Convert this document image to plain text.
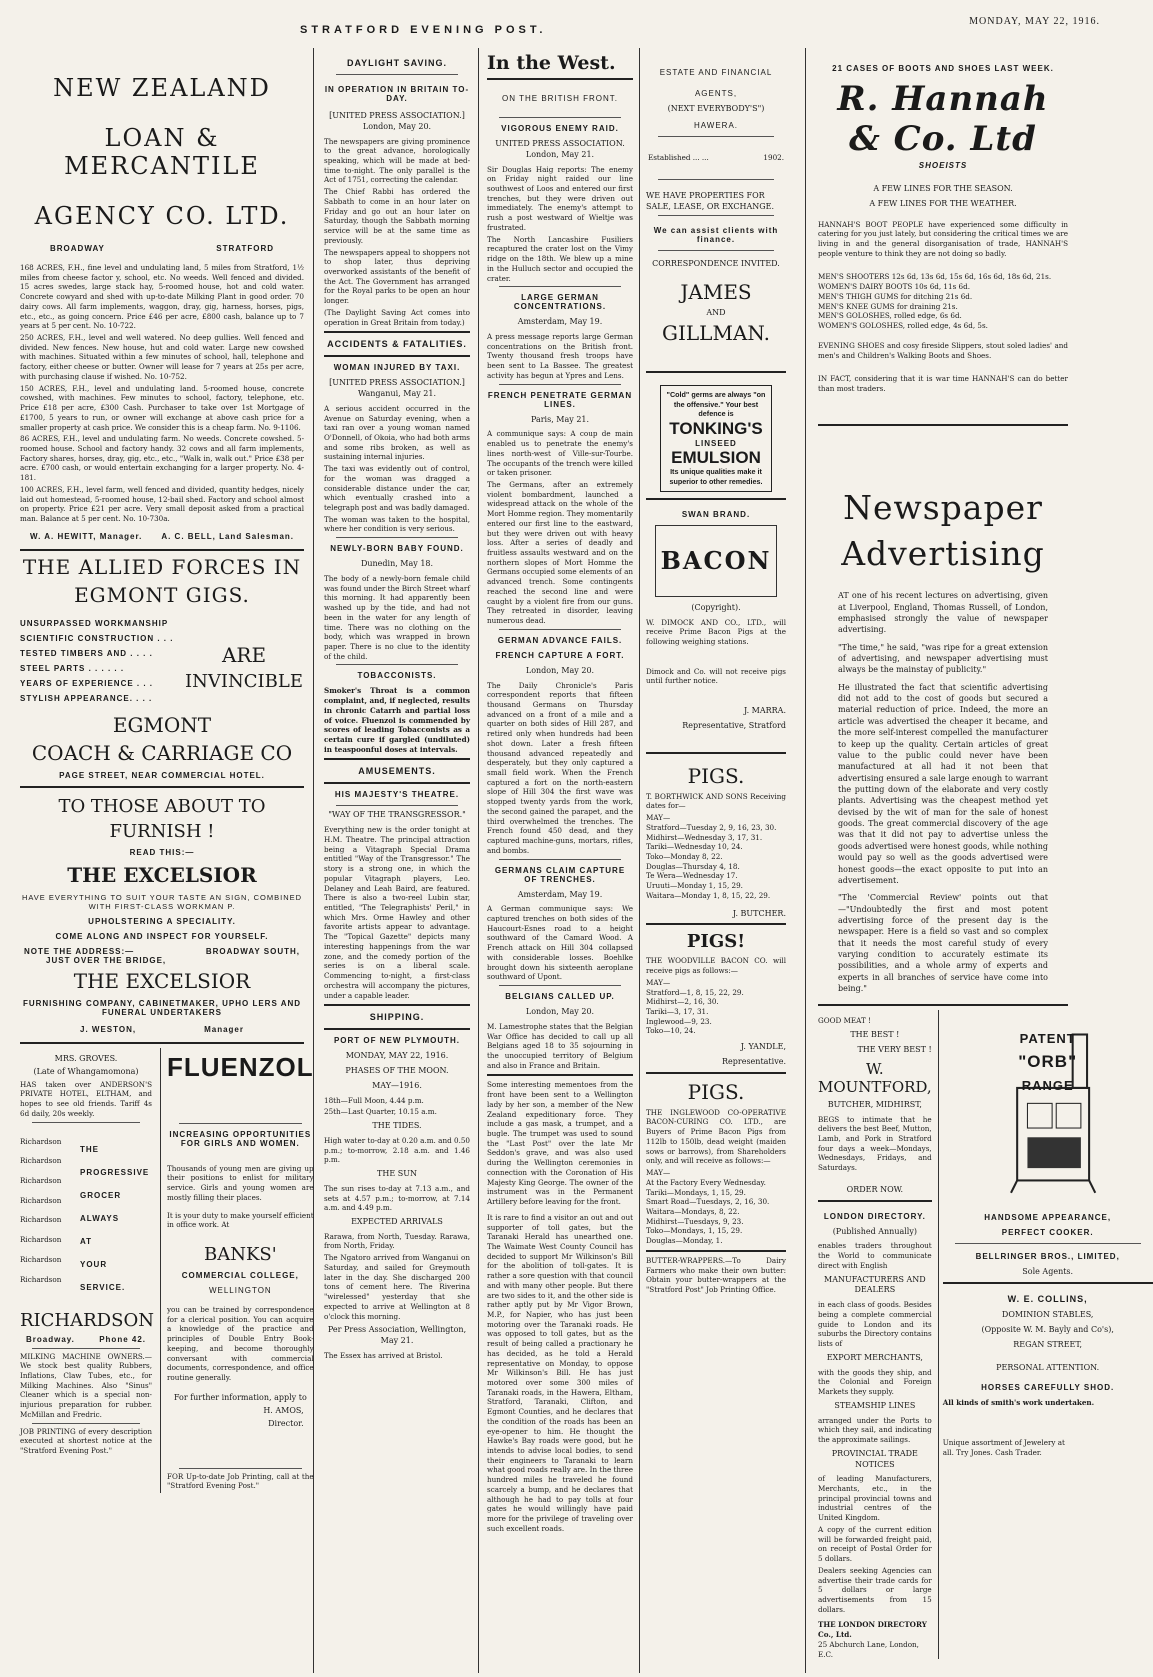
STRATFORD EVENING POST.
MONDAY, MAY 22, 1916.
NEW ZEALAND
LOAN & MERCANTILE
AGENCY CO. LTD.
BROADWAY	STRATFORD
168 ACRES, F.H., fine level and undulating land, 5 miles from Stratford, 1½ miles from cheese factor y, school, etc. No weeds. Well fenced and divided. 15 acres swedes, large stack hay, 5-roomed house, hot and cold water. Concrete cowyard and shed with up-to-date Milking Plant in good order. 70 dairy cows. All farm implements, waggon, dray, gig, harness, horses, pigs, etc., etc., as going concern. Price £46 per acre, £800 cash, balance up to 7 years at 5 per cent. No. 10-722.
250 ACRES, F.H., level and well watered. No deep gullies. Well fenced and divided. New fences. New house, hut and cold water. Large new cowshed with machines. Situated within a few minutes of school, hall, telephone and factory, either cheese or butter. Owner will lease for 7 years at 25s per acre, with purchasing clause if wished. No. 10-752.
150 ACRES, F.H., level and undulating land. 5-roomed house, concrete cowshed, with machines. Few minutes to school, factory, telephone, etc. Price £18 per acre, £300 Cash. Purchaser to take over 1st Mortgage of £1700, 5 years to run, or owner will exchange at above cash price for a smaller property at cash price. We consider this is a cheap farm. No. 9-1106.
86 ACRES, F.H., level and undulating farm. No weeds. Concrete cowshed. 5-roomed house. School and factory handy. 32 cows and all farm implements, Factory shares, horses, dray, gig, etc., etc., "Walk in, walk out." Price £38 per acre. £700 cash, or would entertain exchanging for a larger property. No. 4-181.
100 ACRES, F.H., level farm, well fenced and divided, quantity hedges, nicely laid out homestead, 5-roomed house, 12-bail shed. Factory and school almost on property. Price £21 per acre. Very small deposit asked from a practical man. Balance at 5 per cent. No. 10-730a.
W. A. HEWITT, Manager. A. C. BELL, Land Salesman.
THE ALLIED FORCES IN
EGMONT GIGS.
UNSURPASSED WORKMANSHIP
SCIENTIFIC CONSTRUCTION . . .
TESTED TIMBERS AND . . . .
STEEL PARTS . . . . . .
YEARS OF EXPERIENCE . . .
STYLISH APPEARANCE. . . .
ARE
INVINCIBLE
EGMONT
COACH & CARRIAGE CO
PAGE STREET, NEAR COMMERCIAL HOTEL.
TO THOSE ABOUT TO
FURNISH !
READ THIS:—
THE EXCELSIOR
HAVE EVERYTHING TO SUIT YOUR TASTE AN SIGN, COMBINED WITH FIRST-CLASS WORKMAN P.
UPHOLSTERING A SPECIALITY.
COME ALONG AND INSPECT FOR YOURSELF.
NOTE THE ADDRESS:—	BROADWAY SOUTH,
JUST OVER THE BRIDGE,
THE EXCELSIOR
FURNISHING COMPANY, CABINETMAKER, UPHO LERS AND FUNERAL UNDERTAKERS
J. WESTON,	Manager
MRS. GROVES.
(Late of Whangamomona)
HAS taken over ANDERSON'S PRIVATE HOTEL, ELTHAM, and hopes to see old friends. Tariff 4s 6d daily, 20s weekly.
Richardson
Richardson
Richardson
Richardson
Richardson
Richardson
Richardson
Richardson
THE
PROGRESSIVE
GROCER
ALWAYS
AT
YOUR
SERVICE.
RICHARDSON
Broadway.	Phone 42.
MILKING MACHINE OWNERS.— We stock best quality Rubbers, Inflations, Claw Tubes, etc., for Milking Machines. Also "Sinus" Cleaner which is a special non-injurious preparation for rubber. McMillan and Fredric.
JOB PRINTING of every description executed at shortest notice at the "Stratford Evening Post."
FLUENZOL
INCREASING OPPORTUNITIES FOR GIRLS AND WOMEN.
Thousands of young men are giving up their positions to enlist for military service. Girls and young women are mostly filling their places.
It is your duty to make yourself efficient in office work. At
BANKS'
COMMERCIAL COLLEGE,
WELLINGTON
you can be trained by correspondence for a clerical position. You can acquire a knowledge of the practice and principles of Double Entry Book-keeping, and become thoroughly conversant with commercial documents, correspondence, and office routine generally.
For further information, apply to
H. AMOS,
Director.
FOR Up-to-date Job Printing, call at the "Stratford Evening Post."
DAYLIGHT SAVING.
IN OPERATION IN BRITAIN TO-DAY.
[UNITED PRESS ASSOCIATION.] London, May 20.
The newspapers are giving prominence to the great advance, horologically speaking, which will be made at bed-time to-night. The only parallel is the Act of 1751, correcting the calendar.
The Chief Rabbi has ordered the Sabbath to come in an hour later on Friday and go out an hour later on Saturday, though the Sabbath morning service will be at the same time as previously.
The newspapers appeal to shoppers not to shop later, thus depriving overworked assistants of the benefit of the Act. The Government has arranged for the Royal parks to be open an hour longer.
(The Daylight Saving Act comes into operation in Great Britain from today.)
ACCIDENTS & FATALITIES.
WOMAN INJURED BY TAXI.
[UNITED PRESS ASSOCIATION.] Wanganui, May 21.
A serious accident occurred in the Avenue on Saturday evening, when a taxi ran over a young woman named O'Donnell, of Okoia, who had both arms and some ribs broken, as well as sustaining internal injuries.
The taxi was evidently out of control, for the woman was dragged a considerable distance under the car, which eventually crashed into a telegraph post and was badly damaged.
The woman was taken to the hospital, where her condition is very serious.
NEWLY-BORN BABY FOUND.
Dunedin, May 18.
The body of a newly-born female child was found under the Birch Street wharf this morning. It had apparently been washed up by the tide, and had not been in the water for any length of time. There was no clothing on the body, which was wrapped in brown paper. There is no clue to the identity of the child.
TOBACCONISTS.
Smoker's Throat is a common complaint, and, if neglected, results in chronic Catarrh and partial loss of voice. Fluenzol is commended by scores of leading Tobacconists as a certain cure if gargled (undiluted) in teaspoonful doses at intervals.
AMUSEMENTS.
HIS MAJESTY'S THEATRE.
"WAY OF THE TRANSGRESSOR."
Everything new is the order tonight at H.M. Theatre. The principal attraction being a Vitagraph Special Drama entitled "Way of the Transgressor." The story is a strong one, in which the popular Vitagraph players, Leo. Delaney and Leah Baird, are featured. There is also a two-reel Lubin star, entitled, "The Telegraphists' Peril," in which Mrs. Orme Hawley and other favorite artists appear to advantage. The "Topical Gazette" depicts many interesting happenings from the war zone, and the comedy portion of the series is on a liberal scale. Commencing to-night, a first-class orchestra will accompany the pictures, under a capable leader.
SHIPPING.
PORT OF NEW PLYMOUTH.
MONDAY, MAY 22, 1916.
PHASES OF THE MOON.
MAY—1916.
18th—Full Moon, 4.44 p.m.
25th—Last Quarter, 10.15 a.m.
THE TIDES.
High water to-day at 0.20 a.m. and 0.50 p.m.; to-morrow, 2.18 a.m. and 1.46 p.m.
THE SUN
The sun rises to-day at 7.13 a.m., and sets at 4.57 p.m.; to-morrow, at 7.14 a.m. and 4.49 p.m.
EXPECTED ARRIVALS
Rarawa, from North, Tuesday. Rarawa, from North, Friday.
The Ngatoro arrived from Wanganui on Saturday, and sailed for Greymouth later in the day. She discharged 200 tons of cement here. The Riverina "wirelessed" yesterday that she expected to arrive at Wellington at 8 o'clock this morning.
Per Press Association, Wellington, May 21.
The Essex has arrived at Bristol.
In the West.
ON THE BRITISH FRONT.
VIGOROUS ENEMY RAID.
UNITED PRESS ASSOCIATION. London, May 21.
Sir Douglas Haig reports: The enemy on Friday night raided our line southwest of Loos and entered our first trenches, but they were driven out immediately. The enemy's attempt to rush a post westward of Wieltje was frustrated.
The North Lancashire Fusiliers recaptured the crater lost on the Vimy ridge on the 18th. We blew up a mine in the Hulluch sector and occupied the crater.
LARGE GERMAN CONCENTRATIONS.
Amsterdam, May 19.
A press message reports large German concentrations on the British front. Twenty thousand fresh troops have been sent to La Bassee. The greatest activity has begun at Ypres and Lens.
FRENCH PENETRATE GERMAN LINES.
Paris, May 21.
A communique says: A coup de main enabled us to penetrate the enemy's lines north-west of Ville-sur-Tourbe. The occupants of the trench were killed or taken prisoner.
The Germans, after an extremely violent bombardment, launched a widespread attack on the whole of the Mort Homme region. They momentarily entered our first line to the eastward, but they were driven out with heavy loss. After a series of deadly and fruitless assaults westward and on the northern slopes of Mort Homme the Germans occupied some elements of an advanced trench. Some contingents reached the second line and were caught by a violent fire from our guns. They retreated in disorder, leaving numerous dead.
GERMAN ADVANCE FAILS.
FRENCH CAPTURE A FORT.
London, May 20.
The Daily Chronicle's Paris correspondent reports that fifteen thousand Germans on Thursday advanced on a front of a mile and a quarter on both sides of Hill 287, and retired only when hundreds had been shot down. Later a fresh fifteen thousand advanced repeatedly and desperately, but they only captured a small field work. When the French captured a fort on the north-eastern slope of Hill 304 the first wave was stopped twenty yards from the work, the second gained the parapet, and the third overwhelmed the trenches. The French found 450 dead, and they captured machine-guns, mortars, rifles, and bombs.
GERMANS CLAIM CAPTURE OF TRENCHES.
Amsterdam, May 19.
A German communique says: We captured trenches on both sides of the Haucourt-Esnes road to a height southward of the Camard Wood. A French attack on Hill 304 collapsed with considerable losses. Boehlke brought down his sixteenth aeroplane southward of Upont.
BELGIANS CALLED UP.
London, May 20.
M. Lamestrophe states that the Belgian War Office has decided to call up all Belgians aged 18 to 35 sojourning in the unoccupied territory of Belgium and also in France and Britain.
Some interesting mementoes from the front have been sent to a Wellington lady by her son, a member of the New Zealand expeditionary force. They include a gas mask, a trumpet, and a bugle. The trumpet was used to sound the "Last Post" over the late Mr Seddon's grave, and was also used during the Wellington ceremonies in connection with the Coronation of His Majesty King George. The owner of the instrument was in the Permanent Artillery before leaving for the front.
It is rare to find a visitor an out and out supporter of toll gates, but the Taranaki Herald has unearthed one. The Waimate West County Council has decided to support Mr Wilkinson's Bill for the abolition of toll-gates. It is rather a sore question with that council and with many other people. But there are two sides to it, and the other side is rather aptly put by Mr Vigor Brown, M.P., for Napier, who has just been motoring over the Taranaki roads. He was opposed to toll gates, but as the result of being called a practionary he has decided, as he told a Herald representative on Monday, to oppose Mr Wilkinson's Bill. He has just motored over some 300 miles of Taranaki roads, in the Hawera, Eltham, Stratford, Taranaki, Clifton, and Egmont Counties, and he declares that the condition of the roads has been an eye-opener to him. He thought the Hawke's Bay roads were good, but he intends to advise local bodies, to send their engineers to Taranaki to learn what good roads really are. In the three hundred miles he traveled he found scarcely a bump, and he declares that although he had to pay tolls at four gates he would willingly have paid more for the privilege of traveling over such excellent roads.
ESTATE AND FINANCIAL
AGENTS,
(NEXT EVERYBODY'S")
HAWERA.
Established ... ...	1902.
WE HAVE PROPERTIES FOR SALE, LEASE, OR EXCHANGE.
We can assist clients with finance.
CORRESPONDENCE INVITED.
JAMES
AND
GILLMAN.
"Cold" germs are always "on the offensive." Your best defence is
TONKING'S
LINSEED
EMULSION
Its unique qualities make it superior to other remedies.
SWAN BRAND.
BACON
(Copyright).
W. DIMOCK AND CO., LTD., will receive Prime Bacon Pigs at the following weighing stations.
Dimock and Co. will not receive pigs until further notice.
J. MARRA.
Representative, Stratford
PIGS.
T. BORTHWICK AND SONS Receiving dates for—
MAY—
Stratford—Tuesday 2, 9, 16, 23, 30.
Midhirst—Wednesday 3, 17, 31.
Tariki—Wednesday 10, 24.
Toko—Monday 8, 22.
Douglas—Thursday 4, 18.
Te Wera—Wednesday 17.
Uruuti—Monday 1, 15, 29.
Waitara—Monday 1, 8, 15, 22, 29.
J. BUTCHER.
PIGS!
THE WOODVILLE BACON CO. will receive pigs as follows:—
MAY—
Stratford—1, 8, 15, 22, 29.
Midhirst—2, 16, 30.
Tariki—3, 17, 31.
Inglewood—9, 23.
Toko—10, 24.
J. YANDLE,
Representative.
PIGS.
THE INGLEWOOD CO-OPERATIVE BACON-CURING CO. LTD., are Buyers of Prime Bacon Pigs from 112lb to 150lb, dead weight (maiden sows or barrows), from Shareholders only, and will receive as follows:—
MAY—
At the Factory Every Wednesday.
Tariki—Mondays, 1, 15, 29.
Smart Road—Tuesdays, 2, 16, 30.
Waitara—Mondays, 8, 22.
Midhirst—Tuesdays, 9, 23.
Toko—Mondays, 1, 15, 29.
Douglas—Monday, 1.
BUTTER-WRAPPERS.—To Dairy Farmers who make their own butter: Obtain your butter-wrappers at the "Stratford Post" Job Printing Office.
21 CASES OF BOOTS AND SHOES LAST WEEK.
R. Hannah & Co. Ltd
SHOEISTS
A FEW LINES FOR THE SEASON.
A FEW LINES FOR THE WEATHER.
HANNAH'S BOOT PEOPLE have experienced some difficulty in catering for you just lately, but considering the critical times we are living in and the general disorganisation of trade, HANNAH'S people venture to think they are not doing so badly.
MEN'S SHOOTERS 12s 6d, 13s 6d, 15s 6d, 16s 6d, 18s 6d, 21s.
WOMEN'S DAIRY BOOTS 10s 6d, 11s 6d.
MEN'S THIGH GUMS for ditching 21s 6d.
MEN'S KNEE GUMS for draining 21s.
MEN'S GOLOSHES, rolled edge, 6s 6d.
WOMEN'S GOLOSHES, rolled edge, 4s 6d, 5s.
EVENING SHOES and cosy fireside Slippers, stout soled ladies' and men's and Children's Walking Boots and Shoes.
IN FACT, considering that it is war time HANNAH'S can do better than most traders.
Newspaper
Advertising
AT one of his recent lectures on advertising, given at Liverpool, England, Thomas Russell, of London, emphasised strongly the value of newspaper advertising.
"The time," he said, "was ripe for a great extension of advertising, and newspaper advertising must always be the mainstay of publicity."
He illustrated the fact that scientific advertising did not add to the cost of goods but secured a material reduction of price. Indeed, the more an article was advertised the cheaper it became, and the more self-interest compelled the manufacturer to keep up the quality. Certain articles of great value to the public could never have been manufactured at all had it not been that advertising ensured a sale large enough to warrant the putting down of the elaborate and very costly plants. Advertising was the cheapest method yet devised by the wit of man for the sale of honest goods. The great commercial discovery of the age was that it did not pay to advertise unless the goods advertised were honest goods, while nothing would pay so well as the goods advertised were honest goods—the exact opposite to put into an advertisement.
"The 'Commercial Review' points out that—"Undoubtedly the first and most potent advertising force of the present day is the newspaper. Here is a field so vast and so complex that it needs the most careful study of every varying condition to accurately estimate its possibilities, and a whole army of experts and experts in all branches of service have come into being."
GOOD MEAT !
THE BEST !
THE VERY BEST !
W. MOUNTFORD,
BUTCHER, MIDHIRST,
BEGS to intimate that he delivers the best Beef, Mutton, Lamb, and Pork in Stratford four days a week—Mondays, Wednesdays, Fridays, and Saturdays.
ORDER NOW.
LONDON DIRECTORY.
(Published Annually)
enables traders throughout the World to communicate direct with English
MANUFACTURERS AND DEALERS
in each class of goods. Besides being a complete commercial guide to London and its suburbs the Directory contains lists of
EXPORT MERCHANTS,
with the goods they ship, and the Colonial and Foreign Markets they supply.
STEAMSHIP LINES
arranged under the Ports to which they sail, and indicating the approximate sailings.
PROVINCIAL TRADE NOTICES
of leading Manufacturers, Merchants, etc., in the principal provincial towns and industrial centres of the United Kingdom.
A copy of the current edition will be forwarded freight paid, on receipt of Postal Order for 5 dollars.
Dealers seeking Agencies can advertise their trade cards for 5 dollars or large advertisements from 15 dollars.
THE LONDON DIRECTORY Co., Ltd.
25 Abchurch Lane, London, E.C.
PATENT
"ORB"
RANGE
HANDSOME APPEARANCE,
PERFECT COOKER.
BELLRINGER BROS., LIMITED,
Sole Agents.
W. E. COLLINS,
DOMINION STABLES,
(Opposite W. M. Bayly and Co's),
REGAN STREET,
PERSONAL ATTENTION.
HORSES CAREFULLY SHOD.
All kinds of smith's work undertaken.
Unique assortment of Jewelery at
all. Try Jones. Cash Trader.
